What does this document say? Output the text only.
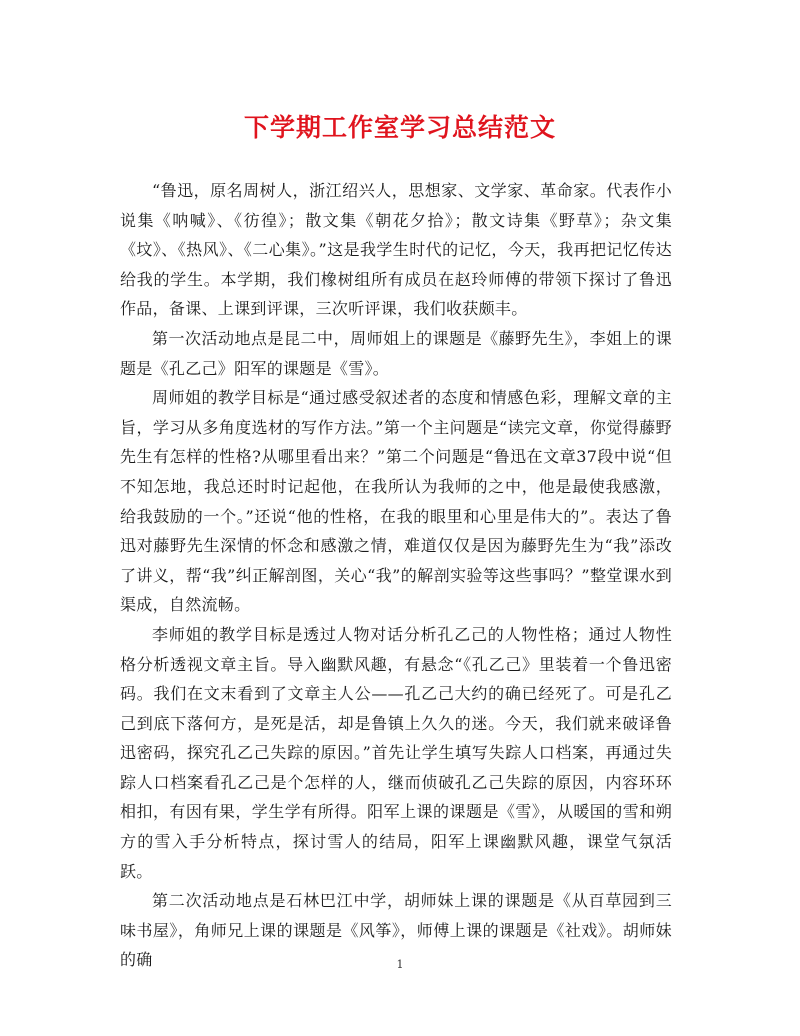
下学期工作室学习总结范文

“鲁迅，原名周树人，浙江绍兴人，思想家、文学家、革命家。代表作小说集《呐喊》、《彷徨》；散文集《朝花夕拾》；散文诗集《野草》；杂文集《坟》、《热风》、《二心集》。”这是我学生时代的记忆，今天，我再把记忆传达给我的学生。本学期，我们橡树组所有成员在赵玲师傅的带领下探讨了鲁迅作品，备课、上课到评课，三次听评课，我们收获颇丰。

第一次活动地点是昆二中，周师姐上的课题是《藤野先生》，李姐上的课题是《孔乙己》阳军的课题是《雪》。

周师姐的教学目标是“通过感受叙述者的态度和情感色彩，理解文章的主旨，学习从多角度选材的写作方法。”第一个主问题是“读完文章，你觉得藤野先生有怎样的性格?从哪里看出来？”第二个问题是“鲁迅在文章37段中说“但不知怎地，我总还时时记起他，在我所认为我师的之中，他是最使我感激，给我鼓励的一个。”还说“他的性格，在我的眼里和心里是伟大的”。表达了鲁迅对藤野先生深情的怀念和感激之情，难道仅仅是因为藤野先生为“我”添改了讲义，帮“我”纠正解剖图，关心“我”的解剖实验等这些事吗？”整堂课水到渠成，自然流畅。

李师姐的教学目标是透过人物对话分析孔乙己的人物性格；通过人物性格分析透视文章主旨。导入幽默风趣，有悬念“《孔乙己》里装着一个鲁迅密码。我们在文末看到了文章主人公——孔乙己大约的确已经死了。可是孔乙己到底下落何方，是死是活，却是鲁镇上久久的迷。今天，我们就来破译鲁迅密码，探究孔乙己失踪的原因。”首先让学生填写失踪人口档案，再通过失踪人口档案看孔乙己是个怎样的人，继而侦破孔乙己失踪的原因，内容环环相扣，有因有果，学生学有所得。阳军上课的课题是《雪》，从暖国的雪和朔方的雪入手分析特点，探讨雪人的结局，阳军上课幽默风趣，课堂气氛活跃。

第二次活动地点是石林巴江中学，胡师妹上课的课题是《从百草园到三味书屋》，角师兄上课的课题是《风筝》，师傅上课的课题是《社戏》。胡师妹的确	1
